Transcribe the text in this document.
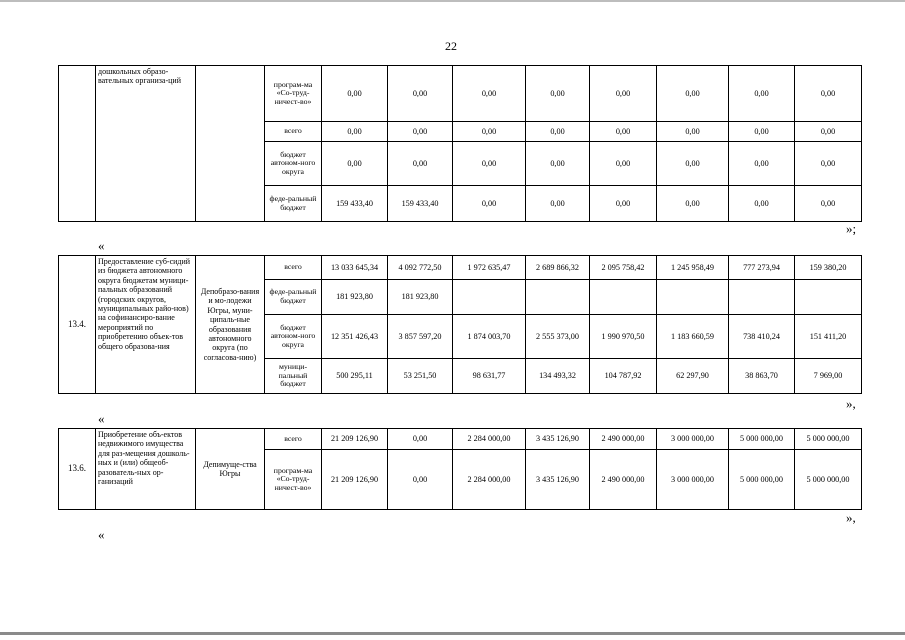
22
	дошкольных образо-вательных организа-ций		програм-ма «Со-труд-ничест-во»	0,00	0,00	0,00	0,00	0,00	0,00	0,00	0,00
			всего	0,00	0,00	0,00	0,00	0,00	0,00	0,00	0,00
			бюджет автоном-ного округа	0,00	0,00	0,00	0,00	0,00	0,00	0,00	0,00
			феде-ральный бюджет	159 433,40	159 433,40	0,00	0,00	0,00	0,00	0,00	0,00
»;
«
13.4.	Предоставление суб-сидий из бюджета автономного округа бюджетам муници-пальных образований (городских округов, муниципальных райо-нов) на софинансиро-вание мероприятий по приобретению объек-тов общего образова-ния	Депобразо-вания и мо-лодежи Югры, муни-ципаль-ные образования автономного округа (по согласова-нию)	всего	13 033 645,34	4 092 772,50	1 972 635,47	2 689 866,32	2 095 758,42	1 245 958,49	777 273,94	159 380,20
			феде-ральный бюджет	181 923,80	181 923,80						
			бюджет автоном-ного округа	12 351 426,43	3 857 597,20	1 874 003,70	2 555 373,00	1 990 970,50	1 183 660,59	738 410,24	151 411,20
			муници-пальный бюджет	500 295,11	53 251,50	98 631,77	134 493,32	104 787,92	62 297,90	38 863,70	7 969,00
»,
«
13.6.	Приобретение объ-ектов недвижимого имущества для раз-мещения дошколь-ных и (или) общеоб-разователь-ных ор-ганизаций	Депимуще-ства Югры	всего	21 209 126,90	0,00	2 284 000,00	3 435 126,90	2 490 000,00	3 000 000,00	5 000 000,00	5 000 000,00
			програм-ма «Со-труд-ничест-во»	21 209 126,90	0,00	2 284 000,00	3 435 126,90	2 490 000,00	3 000 000,00	5 000 000,00	5 000 000,00
»,
«
